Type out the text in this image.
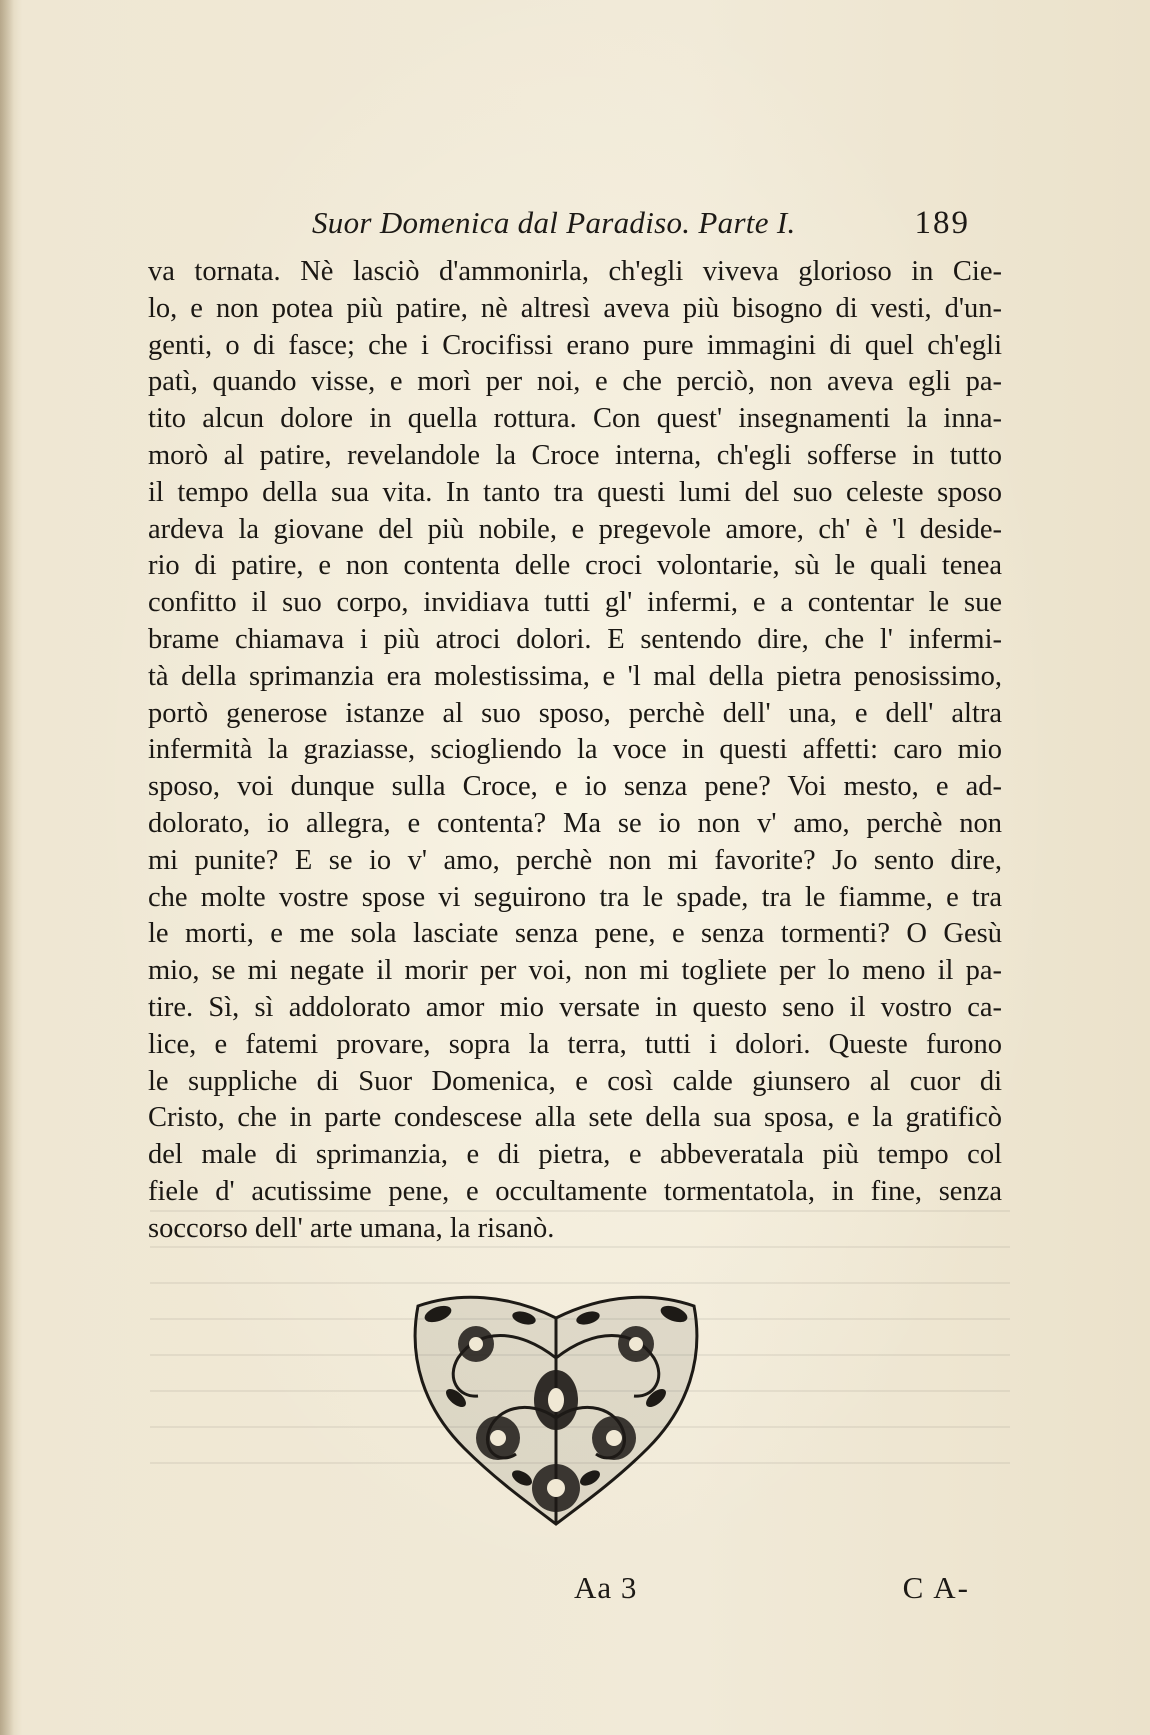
Suor Domenica dal Paradiso. Parte I.	189
va tornata. Nè lasciò d'ammonirla, ch'egli viveva glorioso in Cie-
lo, e non potea più patire, nè altresì aveva più bisogno di vesti, d'un-
genti, o di fasce; che i Crocifissi erano pure immagini di quel ch'egli
patì, quando visse, e morì per noi, e che perciò, non aveva egli pa-
tito alcun dolore in quella rottura. Con quest' insegnamenti la inna-
morò al patire, revelandole la Croce interna, ch'egli sofferse in tutto
il tempo della sua vita. In tanto tra questi lumi del suo celeste sposo
ardeva la giovane del più nobile, e pregevole amore, ch' è 'l deside-
rio di patire, e non contenta delle croci volontarie, sù le quali tenea
confitto il suo corpo, invidiava tutti gl' infermi, e a contentar le sue
brame chiamava i più atroci dolori. E sentendo dire, che l' infermi-
tà della sprimanzia era molestissima, e 'l mal della pietra penosissimo,
portò generose istanze al suo sposo, perchè dell' una, e dell' altra
infermità la graziasse, sciogliendo la voce in questi affetti: caro mio
sposo, voi dunque sulla Croce, e io senza pene? Voi mesto, e ad-
dolorato, io allegra, e contenta? Ma se io non v' amo, perchè non
mi punite? E se io v' amo, perchè non mi favorite? Jo sento dire,
che molte vostre spose vi seguirono tra le spade, tra le fiamme, e tra
le morti, e me sola lasciate senza pene, e senza tormenti? O Gesù
mio, se mi negate il morir per voi, non mi togliete per lo meno il pa-
tire. Sì, sì addolorato amor mio versate in questo seno il vostro ca-
lice, e fatemi provare, sopra la terra, tutti i dolori. Queste furono
le suppliche di Suor Domenica, e così calde giunsero al cuor di
Cristo, che in parte condescese alla sete della sua sposa, e la gratificò
del male di sprimanzia, e di pietra, e abbeveratala più tempo col
fiele d' acutissime pene, e occultamente tormentatola, in fine, senza
soccorso dell' arte umana, la risanò.
Aa 3	C A-
